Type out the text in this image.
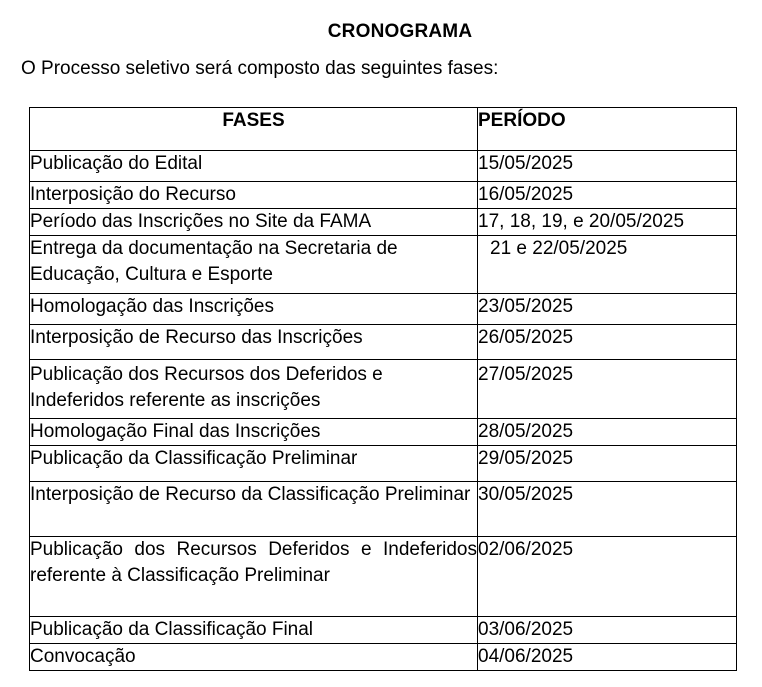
CRONOGRAMA
O Processo seletivo será composto das seguintes fases:
FASES	PERÍODO
Publicação do Edital	15/05/2025
Interposição do Recurso	16/05/2025
Período das Inscrições no Site da FAMA	17, 18, 19, e 20/05/2025
Entrega da documentação na Secretaria de Educação, Cultura e Esporte	21 e 22/05/2025
Homologação das Inscrições	23/05/2025
Interposição de Recurso das Inscrições	26/05/2025
Publicação dos Recursos dos Deferidos e Indeferidos referente as inscrições	27/05/2025
Homologação Final das Inscrições	28/05/2025
Publicação da Classificação Preliminar	29/05/2025
Interposição de Recurso da Classificação Preliminar	30/05/2025
Publicação dos Recursos Deferidos e Indeferidos referente à Classificação Preliminar	02/06/2025
Publicação da Classificação Final	03/06/2025
Convocação	04/06/2025
